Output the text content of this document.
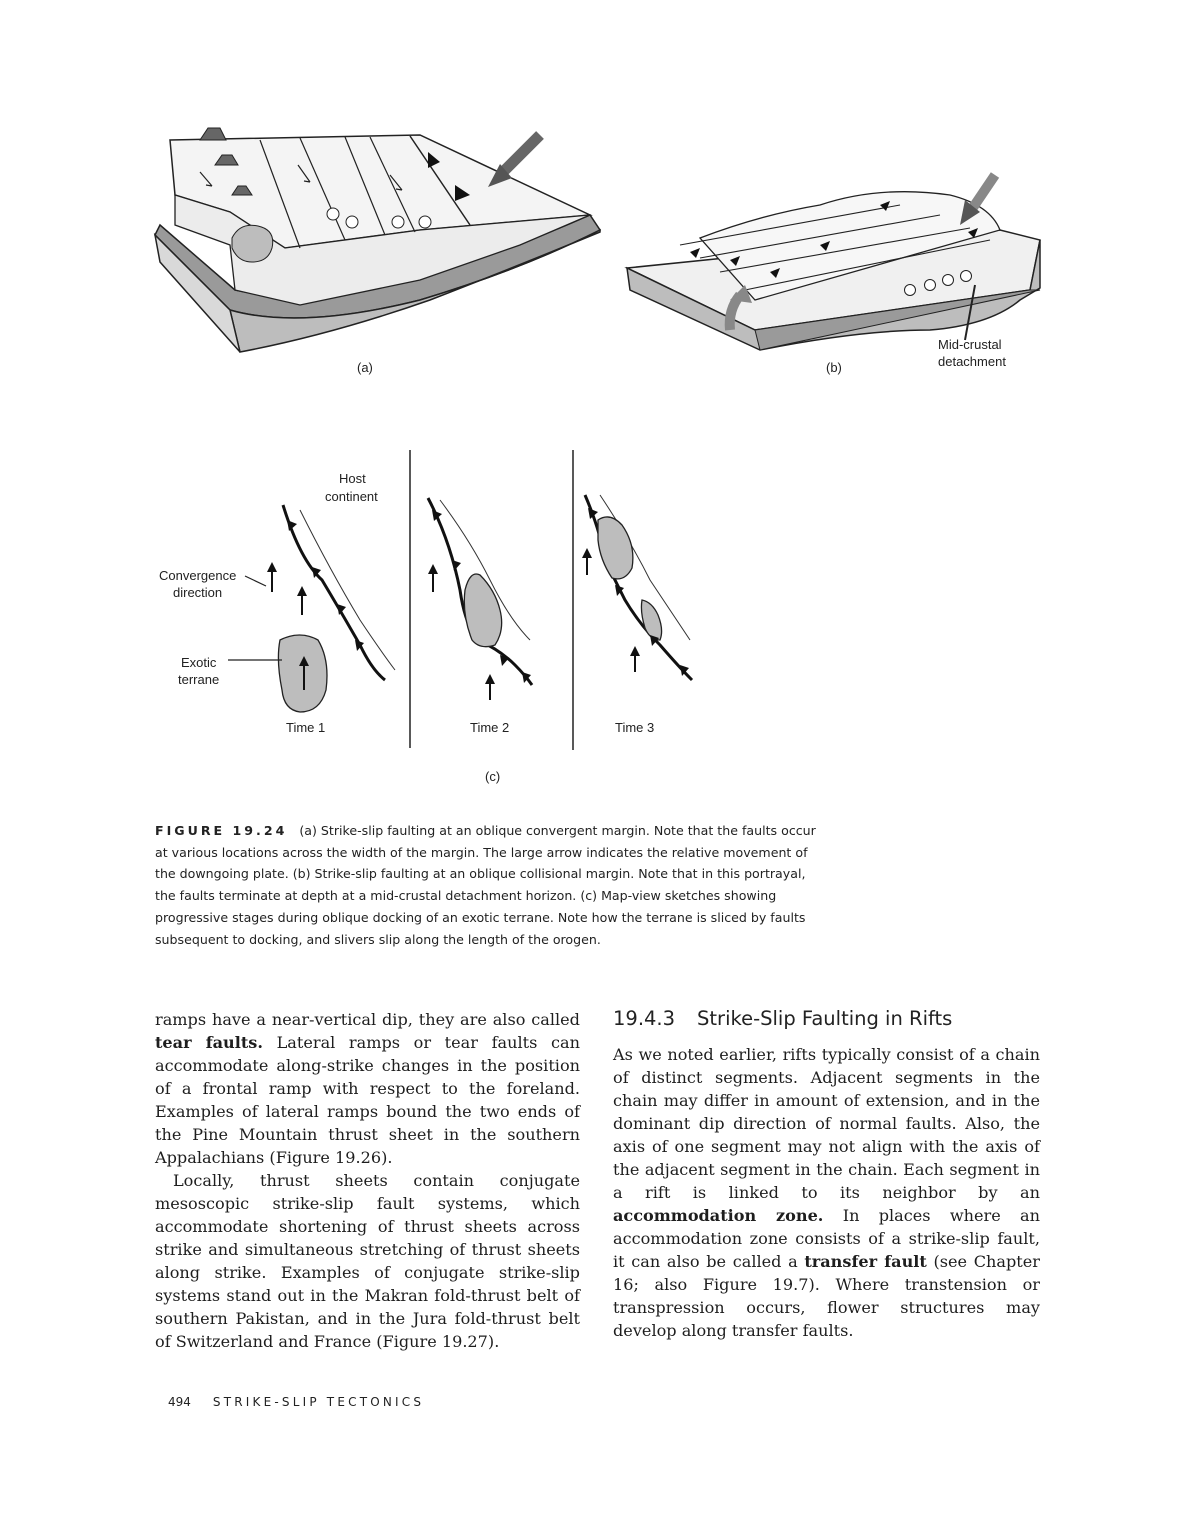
(a)	(b)
Mid-crustal
detachment
Host
continent
Convergence
direction
Exotic
terrane
Time 1	Time 2	Time 3
(c)
FIGURE 19.24 (a) Strike-slip faulting at an oblique convergent margin. Note that the faults occur at various locations across the width of the margin. The large arrow indicates the relative movement of the downgoing plate. (b) Strike-slip faulting at an oblique collisional margin. Note that in this portrayal, the faults terminate at depth at a mid-crustal detachment horizon. (c) Map-view sketches showing progressive stages during oblique docking of an exotic terrane. Note how the terrane is sliced by faults subsequent to docking, and slivers slip along the length of the orogen.

ramps have a near-vertical dip, they are also called tear faults. Lateral ramps or tear faults can accommodate along-strike changes in the position of a frontal ramp with respect to the foreland. Examples of lateral ramps bound the two ends of the Pine Mountain thrust sheet in the southern Appalachians (Figure 19.26).

Locally, thrust sheets contain conjugate mesoscopic strike-slip fault systems, which accommodate shortening of thrust sheets across strike and simultaneous stretching of thrust sheets along strike. Examples of conjugate strike-slip systems stand out in the Makran fold-thrust belt of southern Pakistan, and in the Jura fold-thrust belt of Switzerland and France (Figure 19.27).

19.4.3 Strike-Slip Faulting in Rifts

As we noted earlier, rifts typically consist of a chain of distinct segments. Adjacent segments in the chain may differ in amount of extension, and in the dominant dip direction of normal faults. Also, the axis of one segment may not align with the axis of the adjacent segment in the chain. Each segment in a rift is linked to its neighbor by an accommodation zone. In places where an accommodation zone consists of a strike-slip fault, it can also be called a transfer fault (see Chapter 16; also Figure 19.7). Where transtension or transpression occurs, flower structures may develop along transfer faults.

494 STRIKE-SLIP TECTONICS
